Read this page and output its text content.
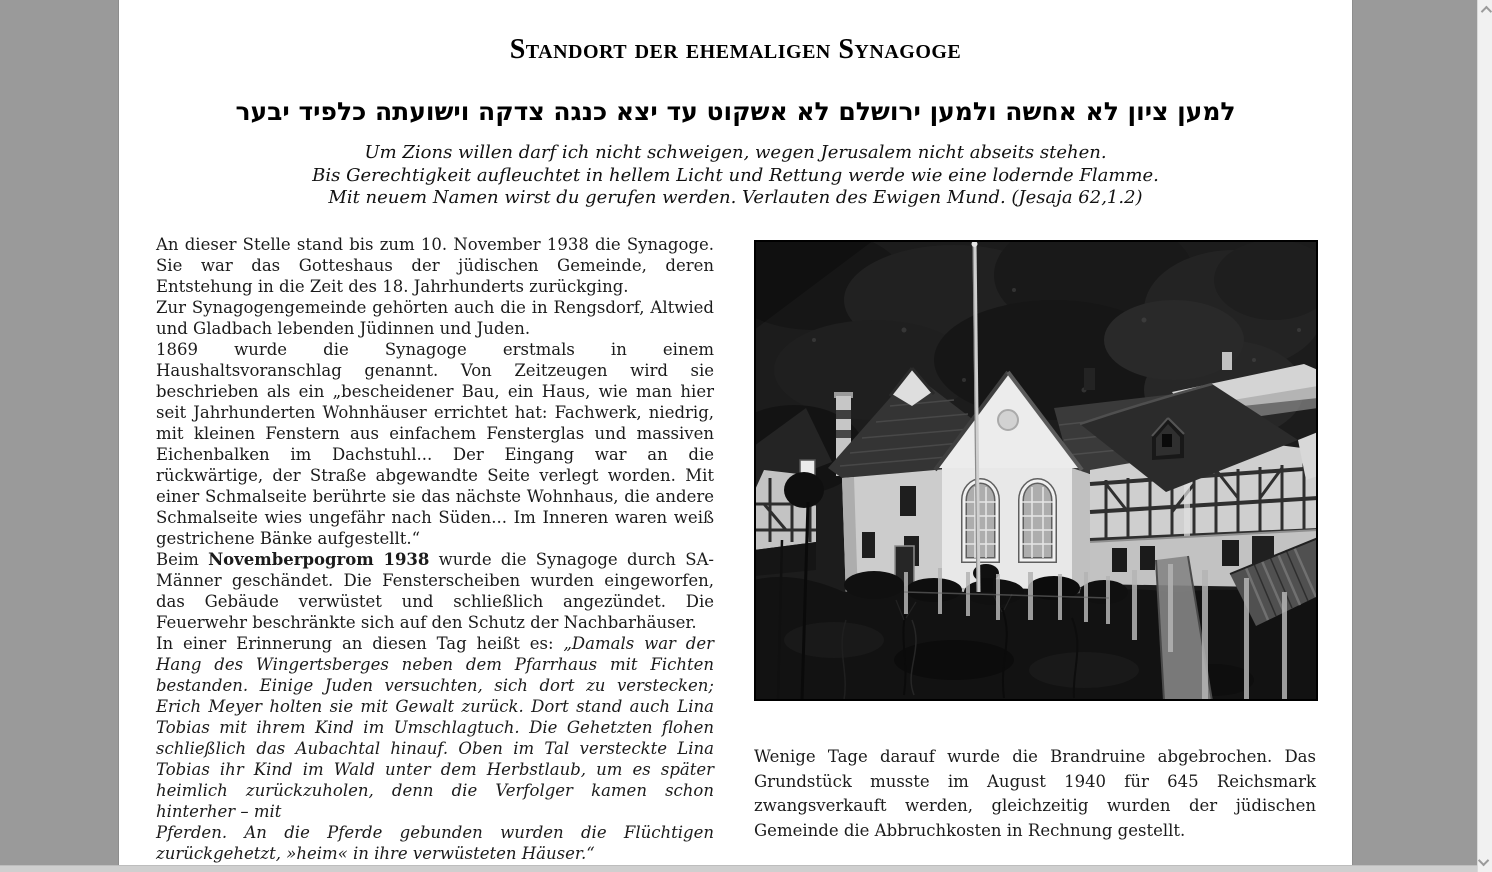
Standort der ehemaligen Synagoge
למען ציון לא אחשה ולמען ירושלם לא אשקוט עד יצא כנגה צדקה וישועתה כלפיד יבער
Um Zions willen darf ich nicht schweigen, wegen Jerusalem nicht abseits stehen.
Bis Gerechtigkeit aufleuchtet in hellem Licht und Rettung werde wie eine lodernde Flamme.
Mit neuem Namen wirst du gerufen werden. Verlauten des Ewigen Mund. (Jesaja 62,1.2)

An dieser Stelle stand bis zum 10. November 1938 die Synagoge. Sie war das Gotteshaus der jüdischen Gemeinde, deren Entstehung in die Zeit des 18. Jahrhunderts zurückging.

Zur Synagogengemeinde gehörten auch die in Rengsdorf, Altwied und Gladbach lebenden Jüdinnen und Juden.

1869 wurde die Synagoge erstmals in einem Haushaltsvoranschlag genannt. Von Zeitzeugen wird sie beschrieben als ein „bescheidener Bau, ein Haus, wie man hier seit Jahrhunderten Wohnhäuser errichtet hat: Fachwerk, niedrig, mit kleinen Fenstern aus einfachem Fensterglas und massiven Eichenbalken im Dachstuhl... Der Eingang war an die rückwärtige, der Straße abgewandte Seite verlegt worden. Mit einer Schmalseite berührte sie das nächste Wohnhaus, die andere Schmalseite wies ungefähr nach Süden... Im Inneren waren weiß gestrichene Bänke aufgestellt.“

Beim Novemberpogrom 1938 wurde die Synagoge durch SA-Männer geschändet. Die Fensterscheiben wurden eingeworfen, das Gebäude verwüstet und schließlich angezündet. Die Feuerwehr beschränkte sich auf den Schutz der Nachbarhäuser.

In einer Erinnerung an diesen Tag heißt es: „Damals war der Hang des Wingertsberges neben dem Pfarrhaus mit Fichten bestanden. Einige Juden versuchten, sich dort zu verstecken; Erich Meyer holten sie mit Gewalt zurück. Dort stand auch Lina Tobias mit ihrem Kind im Umschlagtuch. Die Gehetzten flohen schließlich das Aubachtal hinauf. Oben im Tal versteckte Lina Tobias ihr Kind im Wald unter dem Herbstlaub, um es später heimlich zurückzuholen, denn die Verfolger kamen schon hinterher – mit
Pferden. An die Pferde gebunden wurden die Flüchtigen zurückgehetzt, »heim« in ihre verwüsteten Häuser.“

Wenige Tage darauf wurde die Brandruine abgebrochen. Das Grundstück musste im August 1940 für 645 Reichsmark zwangsverkauft werden, gleichzeitig wurden der jüdischen Gemeinde die Abbruchkosten in Rechnung gestellt.
